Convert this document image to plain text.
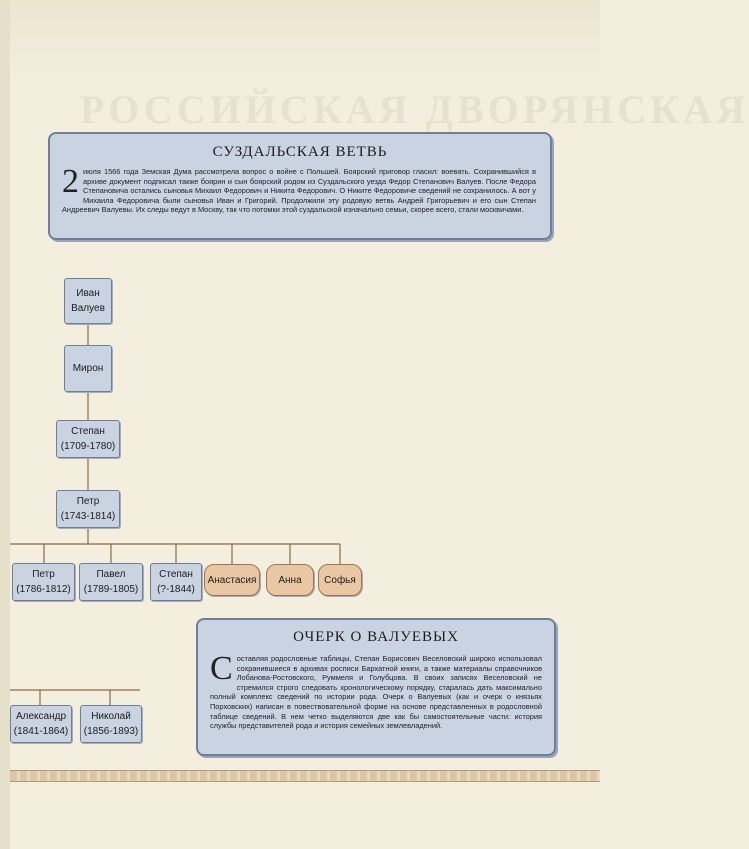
РОССИЙСКАЯ ДВОРЯНСКАЯ
СУЗДАЛЬСКАЯ ВЕТВЬ
2 июля 1566 года Земская Дума рассмотрела вопрос о войне с Польшей. Боярский приговор гласил: воевать. Сохранившийся в архиве документ подписал также боярин и сын боярский родом из Суздальского уезда Федор Степанович Валуев. После Федора Степановича остались сыновья Михаил Федорович и Никита Федорович. О Никите Федоровиче сведений не сохранилось. А вот у Михаила Федоровича были сыновья Иван и Григорий. Продолжили эту родовую ветвь Андрей Григорьевич и его сын Степан Андреевич Валуевы. Их следы ведут в Москву, так что потомки этой суздальской изначально семьи, скорее всего, стали москвичами.
Иван
Валуев
Мирон
Степан
(1709-1780)
Петр
(1743-1814)
Петр
(1786-1812)
Павел
(1789-1805)
Степан
(?-1844)
Анастасия Анна Софья
Александр
(1841-1864)
Николай
(1856-1893)
ОЧЕРК О ВАЛУЕВЫХ
С оставляя родословные таблицы, Степан Борисович Веселовский широко использовал сохранившиеся в архивах росписи Бархатной книги, а также материалы справочников Лобанова-Ростовского, Руммеля и Голубцова. В своих записях Веселовский не стремился строго следовать хронологическому порядку, старалась дать максимально полный комплекс сведений по истории рода. Очерк о Валуевых (как и очерк о князьях Порховских) написан в повествовательной форме на основе представленных в родословной таблице сведений. В нем четко выделяются две как бы самостоятельные части: история службы представителей рода и история семейных землевладений.
